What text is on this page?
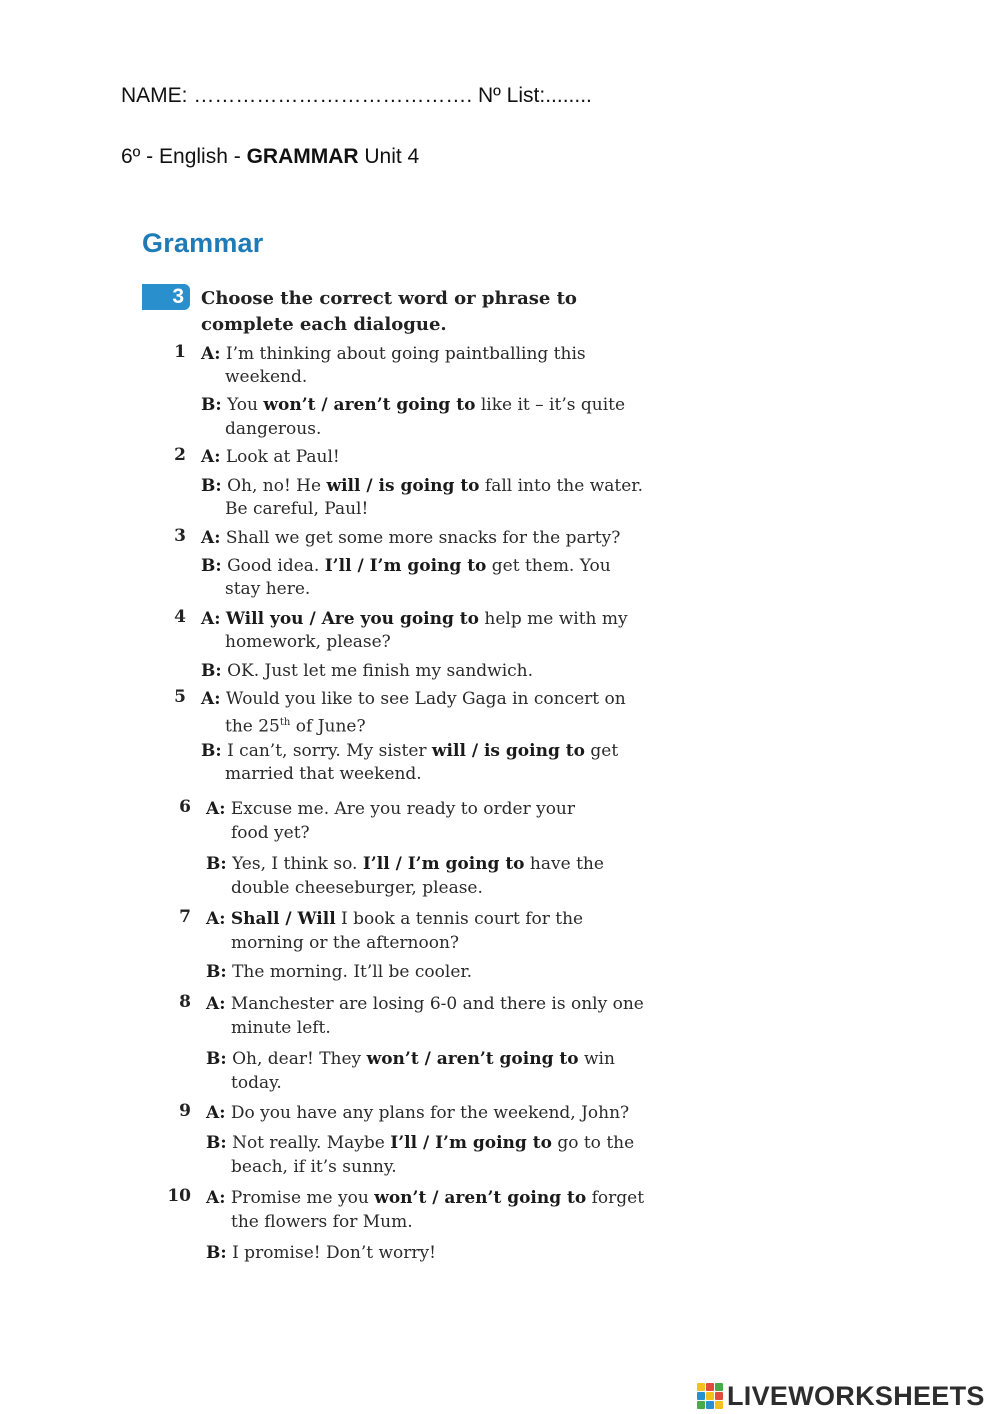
NAME: …………………………………. Nº List:........
6º - English - GRAMMAR Unit 4
Grammar
3 Choose the correct word or phrase to
complete each dialogue.
1 A: I’m thinking about going paintballing this
weekend.
B: You won’t / aren’t going to like it – it’s quite
dangerous.
2 A: Look at Paul!
B: Oh, no! He will / is going to fall into the water.
Be careful, Paul!
3 A: Shall we get some more snacks for the party?
B: Good idea. I’ll / I’m going to get them. You
stay here.
4 A: Will you / Are you going to help me with my
homework, please?
B: OK. Just let me finish my sandwich.
5 A: Would you like to see Lady Gaga in concert on
the 25th of June?
B: I can’t, sorry. My sister will / is going to get
married that weekend.
6 A: Excuse me. Are you ready to order your
food yet?
B: Yes, I think so. I’ll / I’m going to have the
double cheeseburger, please.
7 A: Shall / Will I book a tennis court for the
morning or the afternoon?
B: The morning. It’ll be cooler.
8 A: Manchester are losing 6-0 and there is only one
minute left.
B: Oh, dear! They won’t / aren’t going to win
today.
9 A: Do you have any plans for the weekend, John?
B: Not really. Maybe I’ll / I’m going to go to the
beach, if it’s sunny.
10 A: Promise me you won’t / aren’t going to forget
the flowers for Mum.
B: I promise! Don’t worry!
LIVEWORKSHEETS
